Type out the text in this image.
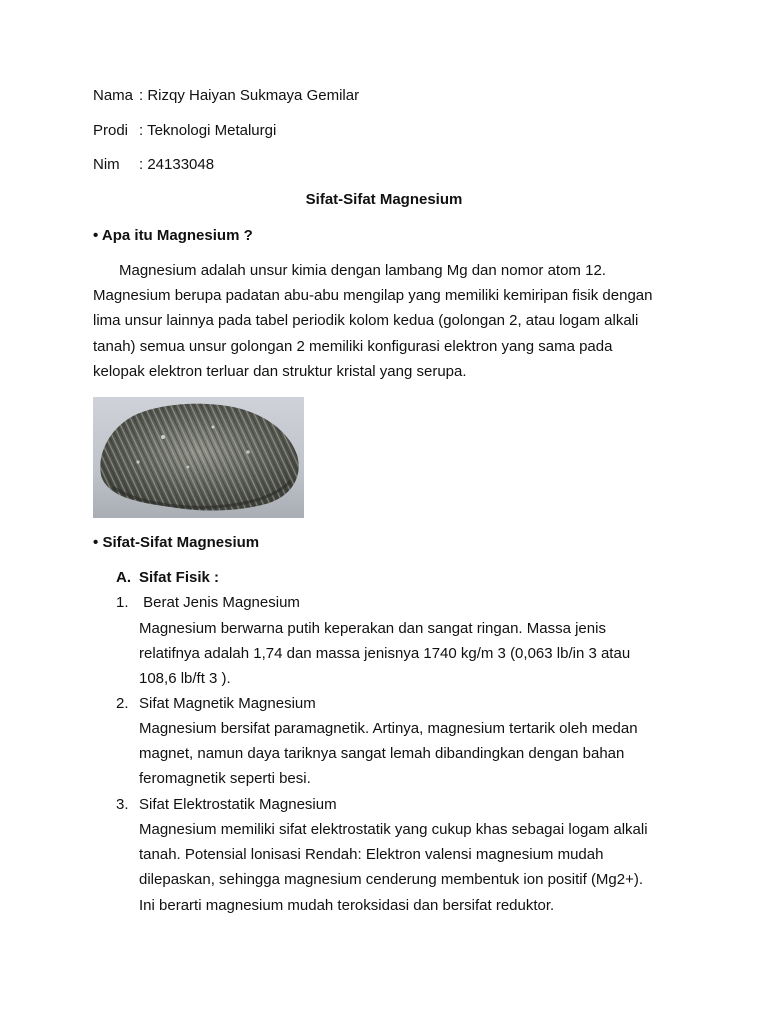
Nama : Rizqy Haiyan Sukmaya Gemilar
Prodi : Teknologi Metalurgi
Nim : 24133048
Sifat-Sifat Magnesium
• Apa itu Magnesium ?
Magnesium adalah unsur kimia dengan lambang Mg dan nomor atom 12.
Magnesium berupa padatan abu-abu mengilap yang memiliki kemiripan fisik dengan
lima unsur lainnya pada tabel periodik kolom kedua (golongan 2, atau logam alkali
tanah) semua unsur golongan 2 memiliki konfigurasi elektron yang sama pada
kelopak elektron terluar dan struktur kristal yang serupa.
• Sifat-Sifat Magnesium
A. Sifat Fisik :
1. Berat Jenis Magnesium
2. Sifat Magnetik Magnesium
3. Sifat Elektrostatik Magnesium
Magnesium berwarna putih keperakan dan sangat ringan. Massa jenis
relatifnya adalah 1,74 dan massa jenisnya 1740 kg/m 3 (0,063 lb/in 3 atau
108,6 lb/ft 3 ).
Magnesium bersifat paramagnetik. Artinya, magnesium tertarik oleh medan
magnet, namun daya tariknya sangat lemah dibandingkan dengan bahan
feromagnetik seperti besi.
Magnesium memiliki sifat elektrostatik yang cukup khas sebagai logam alkali
tanah. Potensial lonisasi Rendah: Elektron valensi magnesium mudah
dilepaskan, sehingga magnesium cenderung membentuk ion positif (Mg2+).
Ini berarti magnesium mudah teroksidasi dan bersifat reduktor.
